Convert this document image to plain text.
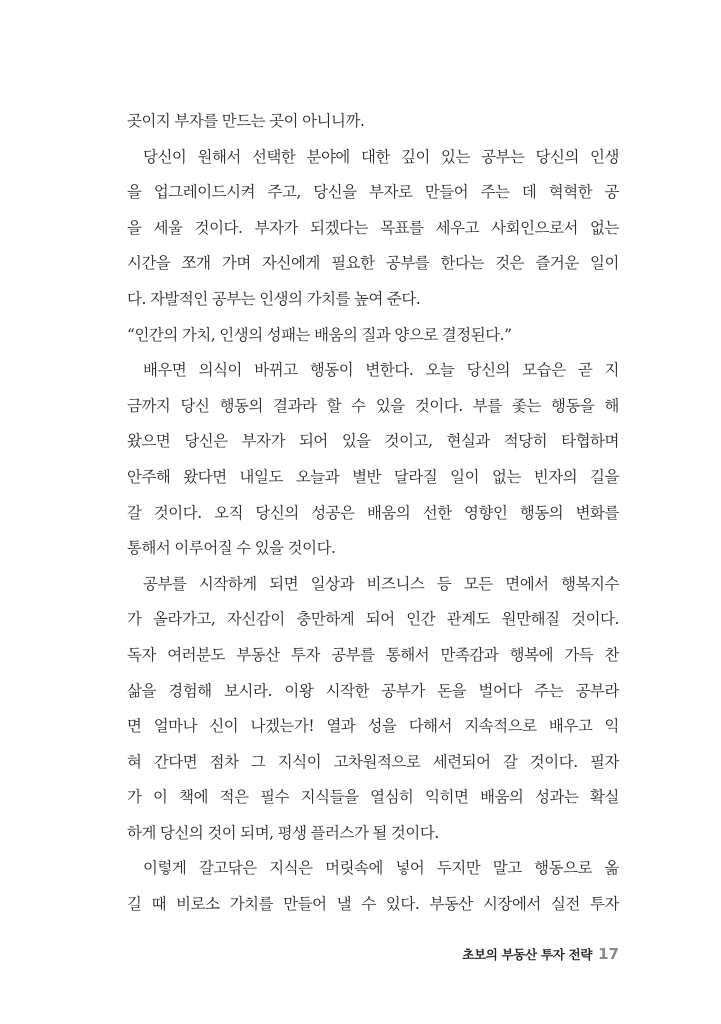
곳이지 부자를 만드는 곳이 아니니까.
당신이 원해서 선택한 분야에 대한 깊이 있는 공부는 당신의 인생
을 업그레이드시켜 주고, 당신을 부자로 만들어 주는 데 혁혁한 공
을 세울 것이다. 부자가 되겠다는 목표를 세우고 사회인으로서 없는
시간을 쪼개 가며 자신에게 필요한 공부를 한다는 것은 즐거운 일이
다. 자발적인 공부는 인생의 가치를 높여 준다.
“인간의 가치, 인생의 성패는 배움의 질과 양으로 결정된다.”
배우면 의식이 바뀌고 행동이 변한다. 오늘 당신의 모습은 곧 지
금까지 당신 행동의 결과라 할 수 있을 것이다. 부를 좇는 행동을 해
왔으면 당신은 부자가 되어 있을 것이고, 현실과 적당히 타협하며
안주해 왔다면 내일도 오늘과 별반 달라질 일이 없는 빈자의 길을
갈 것이다. 오직 당신의 성공은 배움의 선한 영향인 행동의 변화를
통해서 이루어질 수 있을 것이다.
공부를 시작하게 되면 일상과 비즈니스 등 모든 면에서 행복지수
가 올라가고, 자신감이 충만하게 되어 인간 관계도 원만해질 것이다.
독자 여러분도 부동산 투자 공부를 통해서 만족감과 행복에 가득 찬
삶을 경험해 보시라. 이왕 시작한 공부가 돈을 벌어다 주는 공부라
면 얼마나 신이 나겠는가! 열과 성을 다해서 지속적으로 배우고 익
혀 간다면 점차 그 지식이 고차원적으로 세련되어 갈 것이다. 필자
가 이 책에 적은 필수 지식들을 열심히 익히면 배움의 성과는 확실
하게 당신의 것이 되며, 평생 플러스가 될 것이다.
이렇게 갈고닦은 지식은 머릿속에 넣어 두지만 말고 행동으로 옮
길 때 비로소 가치를 만들어 낼 수 있다. 부동산 시장에서 실전 투자
초보의 부동산 투자 전략 17
